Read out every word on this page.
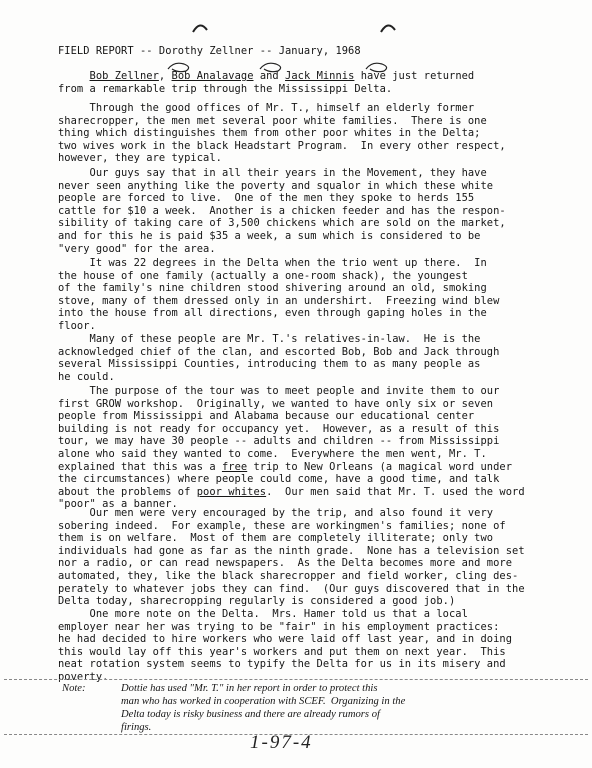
FIELD REPORT -- Dorothy Zellner -- January, 1968
Bob Zellner, Bob Analavage and Jack Minnis have just returned
from a remarkable trip through the Mississippi Delta.
Through the good offices of Mr. T., himself an elderly former
sharecropper, the men met several poor white families.  There is one
thing which distinguishes them from other poor whites in the Delta;
two wives work in the black Headstart Program.  In every other respect,
however, they are typical.
Our guys say that in all their years in the Movement, they have
never seen anything like the poverty and squalor in which these white
people are forced to live.  One of the men they spoke to herds 155
cattle for $10 a week.  Another is a chicken feeder and has the respon-
sibility of taking care of 3,500 chickens which are sold on the market,
and for this he is paid $35 a week, a sum which is considered to be
"very good" for the area.
It was 22 degrees in the Delta when the trio went up there.  In
the house of one family (actually a one-room shack), the youngest
of the family's nine children stood shivering around an old, smoking
stove, many of them dressed only in an undershirt.  Freezing wind blew
into the house from all directions, even through gaping holes in the
floor.
Many of these people are Mr. T.'s relatives-in-law.  He is the
acknowledged chief of the clan, and escorted Bob, Bob and Jack through
several Mississippi Counties, introducing them to as many people as
he could.
The purpose of the tour was to meet people and invite them to our
first GROW workshop.  Originally, we wanted to have only six or seven
people from Mississippi and Alabama because our educational center
building is not ready for occupancy yet.  However, as a result of this
tour, we may have 30 people -- adults and children -- from Mississippi
alone who said they wanted to come.  Everywhere the men went, Mr. T.
explained that this was a free trip to New Orleans (a magical word under
the circumstances) where people could come, have a good time, and talk
about the problems of poor whites.  Our men said that Mr. T. used the word
"poor" as a banner.
Our men were very encouraged by the trip, and also found it very
sobering indeed.  For example, these are workingmen's families; none of
them is on welfare.  Most of them are completely illiterate; only two
individuals had gone as far as the ninth grade.  None has a television set
nor a radio, or can read newspapers.  As the Delta becomes more and more
automated, they, like the black sharecropper and field worker, cling des-
perately to whatever jobs they can find.  (Our guys discovered that in the
Delta today, sharecropping regularly is considered a good job.)
One more note on the Delta.  Mrs. Hamer told us that a local
employer near her was trying to be "fair" in his employment practices:
he had decided to hire workers who were laid off last year, and in doing
this would lay off this year's workers and put them on next year.  This
neat rotation system seems to typify the Delta for us in its misery and
poverty.
Note:	Dottie has used "Mr. T." in her report in order to protect this
man who has worked in cooperation with SCEF.  Organizing in the
Delta today is risky business and there are already rumors of
firings.
1-97-4
